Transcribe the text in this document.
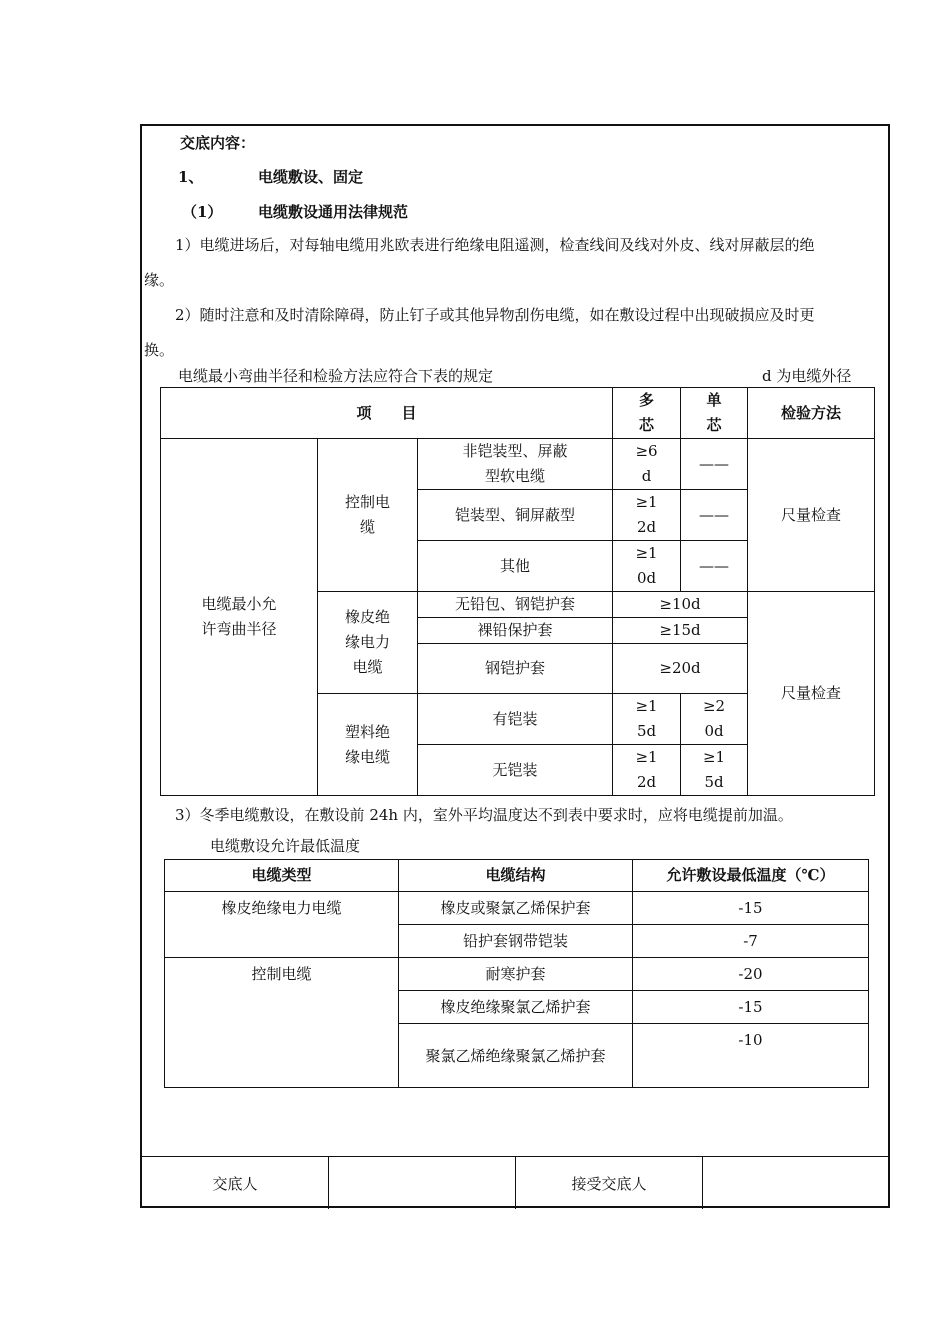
交底内容：
1、	电缆敷设、固定
（1） 电缆敷设通用法律规范
1）电缆进场后，对每轴电缆用兆欧表进行绝缘电阻遥测，检查线间及线对外皮、线对屏蔽层的绝
缘。
2）随时注意和及时清除障碍，防止钉子或其他异物刮伤电缆，如在敷设过程中出现破损应及时更
换。
电缆最小弯曲半径和检验方法应符合下表的规定	d 为电缆外径
项　　目			多芯	单芯	检验方法
电缆最小允许弯曲半径	控制电缆	非铠装型、屏蔽型软电缆	≥6d	——	尺量检查
		铠装型、铜屏蔽型	≥12d	——	
		其他	≥10d	——	
	橡皮绝缘电力电缆	无铅包、钢铠护套	≥10d		尺量检查
		裸铅保护套	≥15d		
		钢铠护套	≥20d		
	塑料绝缘电缆	有铠装	≥15d	≥20d	
		无铠装	≥12d	≥15d	
3）冬季电缆敷设，在敷设前 24h 内，室外平均温度达不到表中要求时，应将电缆提前加温。
电缆敷设允许最低温度
电缆类型	电缆结构	允许敷设最低温度（℃）
橡皮绝缘电力电缆	橡皮或聚氯乙烯保护套	-15
	铅护套钢带铠装	-7
控制电缆	耐寒护套	-20
	橡皮绝缘聚氯乙烯护套	-15
	聚氯乙烯绝缘聚氯乙烯护套	-10
交底人	接受交底人
